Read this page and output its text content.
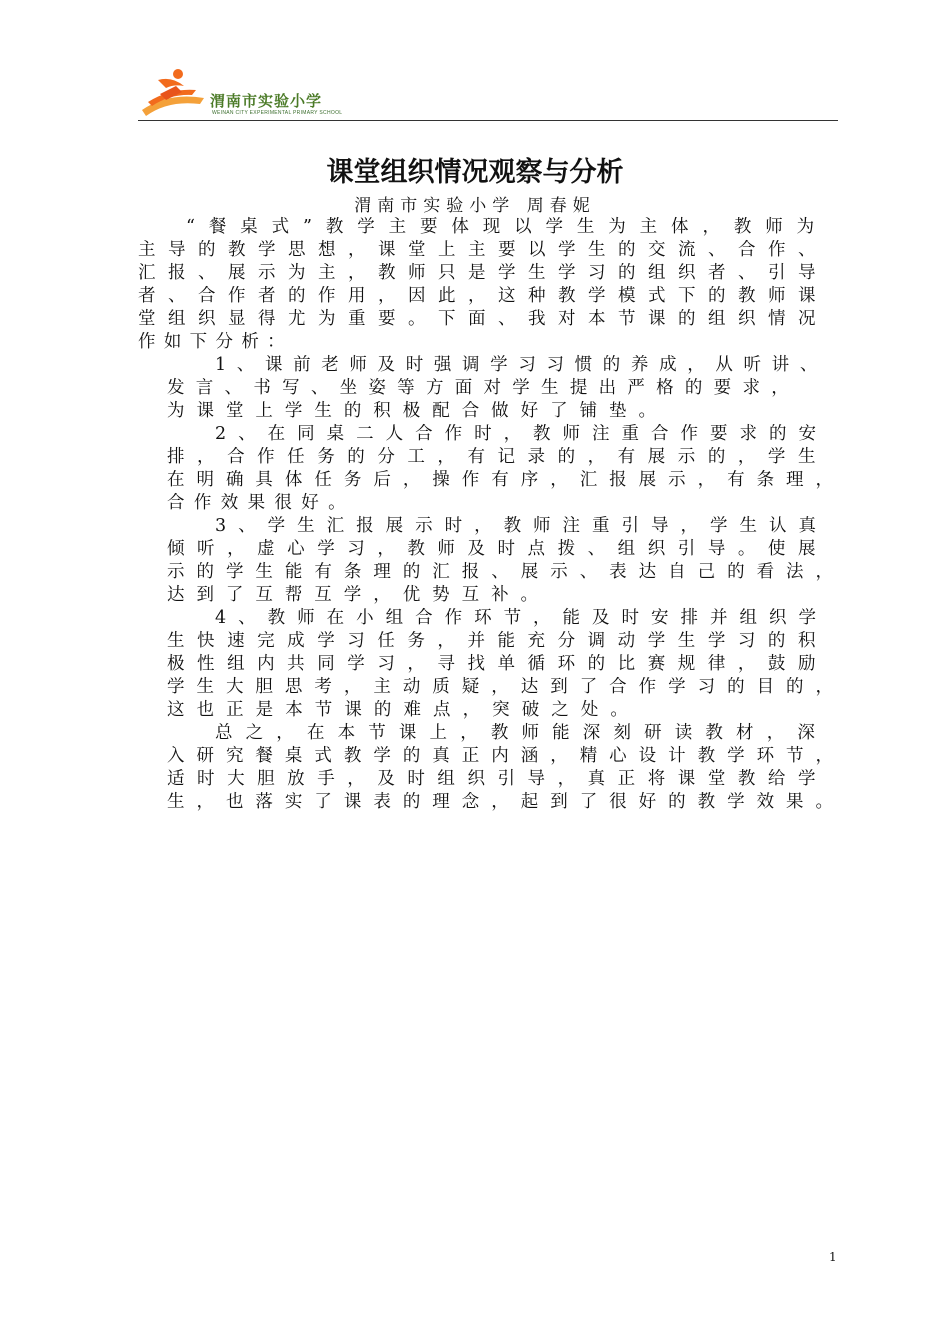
渭南市实验小学
WEINAN CITY EXPERIMENTAL PRIMARY SCHOOL
课堂组织情况观察与分析
渭南市实验小学 周春妮
“餐桌式”教学主要体现以学生为主体，教师为
主导的教学思想，课堂上主要以学生的交流、合作、
汇报、展示为主，教师只是学生学习的组织者、引导
者、合作者的作用，因此，这种教学模式下的教师课
堂组织显得尤为重要。下面、我对本节课的组织情况
作如下分析：
1、课前老师及时强调学习习惯的养成，从听讲、
发言、书写、坐姿等方面对学生提出严格的要求，
为课堂上学生的积极配合做好了铺垫。
2、在同桌二人合作时，教师注重合作要求的安
排，合作任务的分工，有记录的，有展示的，学生
在明确具体任务后，操作有序，汇报展示，有条理，
合作效果很好。
3、学生汇报展示时，教师注重引导，学生认真
倾听，虚心学习，教师及时点拨、组织引导。使展
示的学生能有条理的汇报、展示、表达自己的看法，
达到了互帮互学，优势互补。
4、教师在小组合作环节，能及时安排并组织学
生快速完成学习任务，并能充分调动学生学习的积
极性组内共同学习，寻找单循环的比赛规律，鼓励
学生大胆思考，主动质疑，达到了合作学习的目的，
这也正是本节课的难点，突破之处。
总之，在本节课上，教师能深刻研读教材，深
入研究餐桌式教学的真正内涵，精心设计教学环节，
适时大胆放手，及时组织引导，真正将课堂教给学
生，也落实了课表的理念，起到了很好的教学效果。
1
